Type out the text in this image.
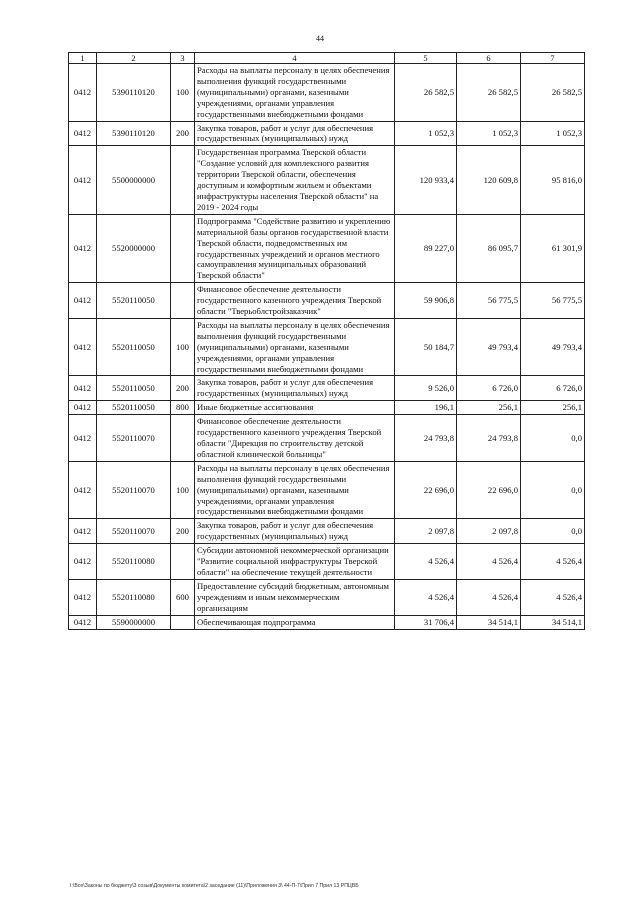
44
1	2	3	4	5	6	7
0412	5390110120	100	Расходы на выплаты персоналу в целях обеспечения выполнения функций государственными (муниципальными) органами, казенными учреждениями, органами управления государственными внебюджетными фондами	26 582,5	26 582,5	26 582,5
0412	5390110120	200	Закупка товаров, работ и услуг для обеспечения государственных (муниципальных) нужд	1 052,3	1 052,3	1 052,3
0412	5500000000		Государственная программа Тверской области "Создание условий для комплексного развития территории Тверской области, обеспечения доступным и комфортным жильем и объектами инфраструктуры населения Тверской области" на 2019 - 2024 годы	120 933,4	120 609,8	95 816,0
0412	5520000000		Подпрограмма "Содействие развитию и укреплению материальной базы органов государственной власти Тверской области, подведомственных им государственных учреждений и органов местного самоуправления муниципальных образований Тверской области"	89 227,0	86 095,7	61 301,9
0412	5520110050		Финансовое обеспечение деятельности государственного казенного учреждения Тверской области "Тверьоблстройзаказчик"	59 906,8	56 775,5	56 775,5
0412	5520110050	100	Расходы на выплаты персоналу в целях обеспечения выполнения функций государственными (муниципальными) органами, казенными учреждениями, органами управления государственными внебюджетными фондами	50 184,7	49 793,4	49 793,4
0412	5520110050	200	Закупка товаров, работ и услуг для обеспечения государственных (муниципальных) нужд	9 526,0	6 726,0	6 726,0
0412	5520110050	800	Иные бюджетные ассигнования	196,1	256,1	256,1
0412	5520110070		Финансовое обеспечение деятельности государственного казенного учреждения Тверской области "Дирекция по строительству детской областной клинической больницы"	24 793,8	24 793,8	0,0
0412	5520110070	100	Расходы на выплаты персоналу в целях обеспечения выполнения функций государственными (муниципальными) органами, казенными учреждениями, органами управления государственными внебюджетными фондами	22 696,0	22 696,0	0,0
0412	5520110070	200	Закупка товаров, работ и услуг для обеспечения государственных (муниципальных) нужд	2 097,8	2 097,8	0,0
0412	5520110080		Субсидии автономной некоммерческой организации "Развитие социальной инфраструктуры Тверской области" на обеспечение текущей деятельности	4 526,4	4 526,4	4 526,4
0412	5520110080	600	Предоставление субсидий бюджетным, автономным учреждениям и иным некоммерческим организациям	4 526,4	4 526,4	4 526,4
0412	5590000000		Обеспечивающая подпрограмма	31 706,4	34 514,1	34 514,1
I:\Все\Законы по бюджету\3 созыв\Документы комитета\2 заседание (11)\Приложения 3\ 44-П-7\Прил 7 Прил 13 РПЦВБ
